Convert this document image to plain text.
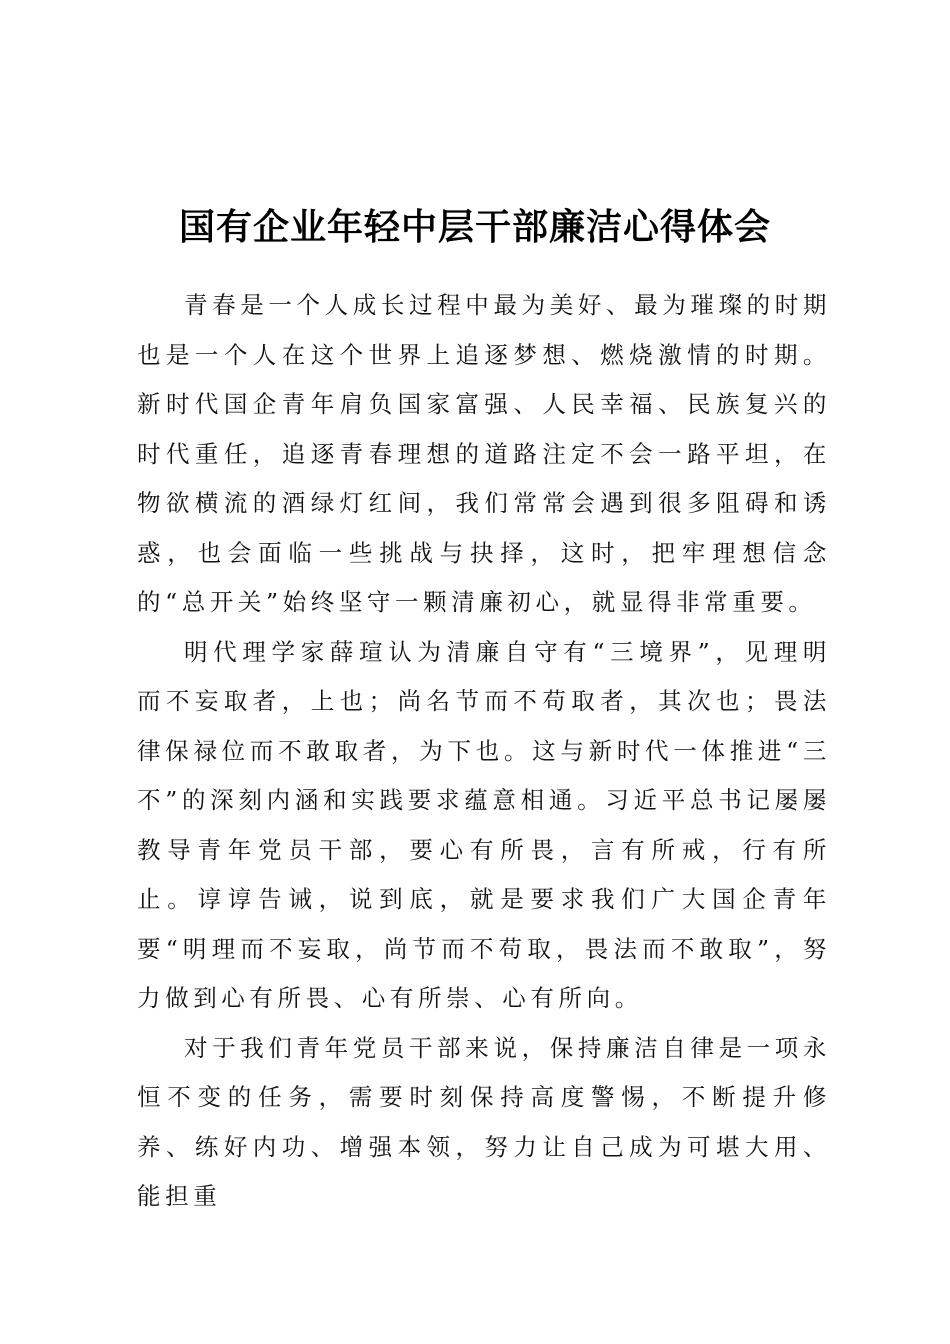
国有企业年轻中层干部廉洁心得体会

青春是一个人成长过程中最为美好、最为璀璨的时期也是一个人在这个世界上追逐梦想、燃烧激情的时期。新时代国企青年肩负国家富强、人民幸福、民族复兴的时代重任，追逐青春理想的道路注定不会一路平坦，在物欲横流的酒绿灯红间，我们常常会遇到很多阻碍和诱惑，也会面临一些挑战与抉择，这时，把牢理想信念的“总开关”始终坚守一颗清廉初心，就显得非常重要。

明代理学家薛瑄认为清廉自守有“三境界”，见理明而不妄取者，上也；尚名节而不苟取者，其次也；畏法律保禄位而不敢取者，为下也。这与新时代一体推进“三不”的深刻内涵和实践要求蕴意相通。习近平总书记屡屡教导青年党员干部，要心有所畏，言有所戒，行有所止。谆谆告诫，说到底，就是要求我们广大国企青年要“明理而不妄取，尚节而不苟取，畏法而不敢取”，努力做到心有所畏、心有所崇、心有所向。

对于我们青年党员干部来说，保持廉洁自律是一项永恒不变的任务，需要时刻保持高度警惕，不断提升修养、练好内功、增强本领，努力让自己成为可堪大用、能担重
